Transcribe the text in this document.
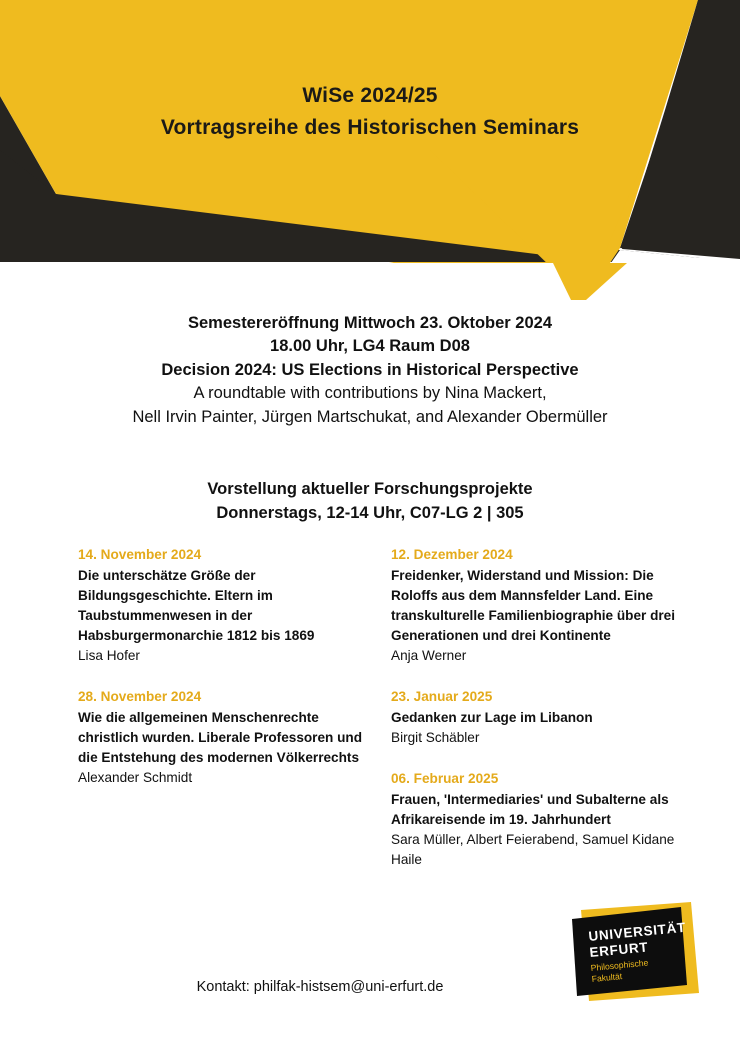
WiSe 2024/25
Vortragsreihe des Historischen Seminars
Semestereröffnung Mittwoch 23. Oktober 2024
18.00 Uhr, LG4 Raum D08
Decision 2024: US Elections in Historical Perspective
A roundtable with contributions by Nina Mackert,
Nell Irvin Painter, Jürgen Martschukat, and Alexander Obermüller
Vorstellung aktueller Forschungsprojekte
Donnerstags, 12-14 Uhr, C07-LG 2 | 305
14. November 2024
Die unterschätze Größe der Bildungsgeschichte. Eltern im Taubstummenwesen in der Habsburgermonarchie 1812 bis 1869
Lisa Hofer
28. November 2024
Wie die allgemeinen Menschenrechte christlich wurden. Liberale Professoren und die Entstehung des modernen Völkerrechts
Alexander Schmidt
12. Dezember 2024
Freidenker, Widerstand und Mission: Die Roloffs aus dem Mannsfelder Land. Eine transkulturelle Familienbiographie über drei Generationen und drei Kontinente
Anja Werner
23. Januar 2025
Gedanken zur Lage im Libanon
Birgit Schäbler
06. Februar 2025
Frauen, 'Intermediaries' und Subalterne als Afrikareisende im 19. Jahrhundert
Sara Müller, Albert Feierabend, Samuel Kidane Haile
UNIVERSITÄT
ERFURT
Philosophische
Fakultät
Kontakt: philfak-histsem@uni-erfurt.de
